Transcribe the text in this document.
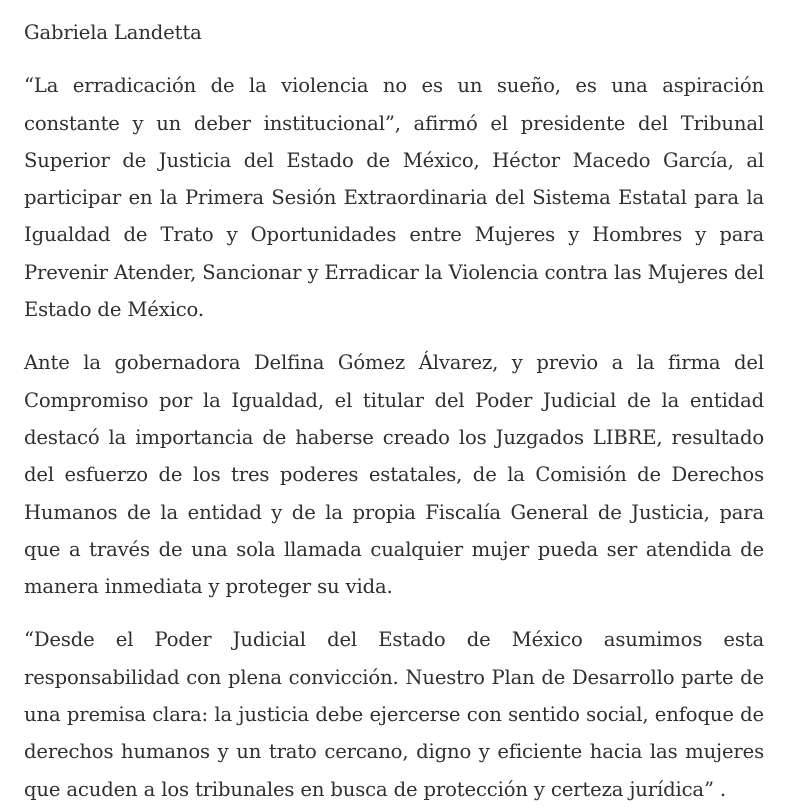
Gabriela Landetta

“La erradicación de la violencia no es un sueño, es una aspiración constante y un deber institucional”, afirmó el presidente del Tribunal Superior de Justicia del Estado de México, Héctor Macedo García, al participar en la Primera Sesión Extraordinaria del Sistema Estatal para la Igualdad de Trato y Oportunidades entre Mujeres y Hombres y para Prevenir Atender, Sancionar y Erradicar la Violencia contra las Mujeres del Estado de México.

Ante la gobernadora Delfina Gómez Álvarez, y previo a la firma del Compromiso por la Igualdad, el titular del Poder Judicial de la entidad destacó la importancia de haberse creado los Juzgados LIBRE, resultado del esfuerzo de los tres poderes estatales, de la Comisión de Derechos Humanos de la entidad y de la propia Fiscalía General de Justicia, para que a través de una sola llamada cualquier mujer pueda ser atendida de manera inmediata y proteger su vida.

“Desde el Poder Judicial del Estado de México asumimos esta responsabilidad con plena convicción. Nuestro Plan de Desarrollo parte de una premisa clara: la justicia debe ejercerse con sentido social, enfoque de derechos humanos y un trato cercano, digno y eficiente hacia las mujeres que acuden a los tribunales en busca de protección y certeza jurídica” .
